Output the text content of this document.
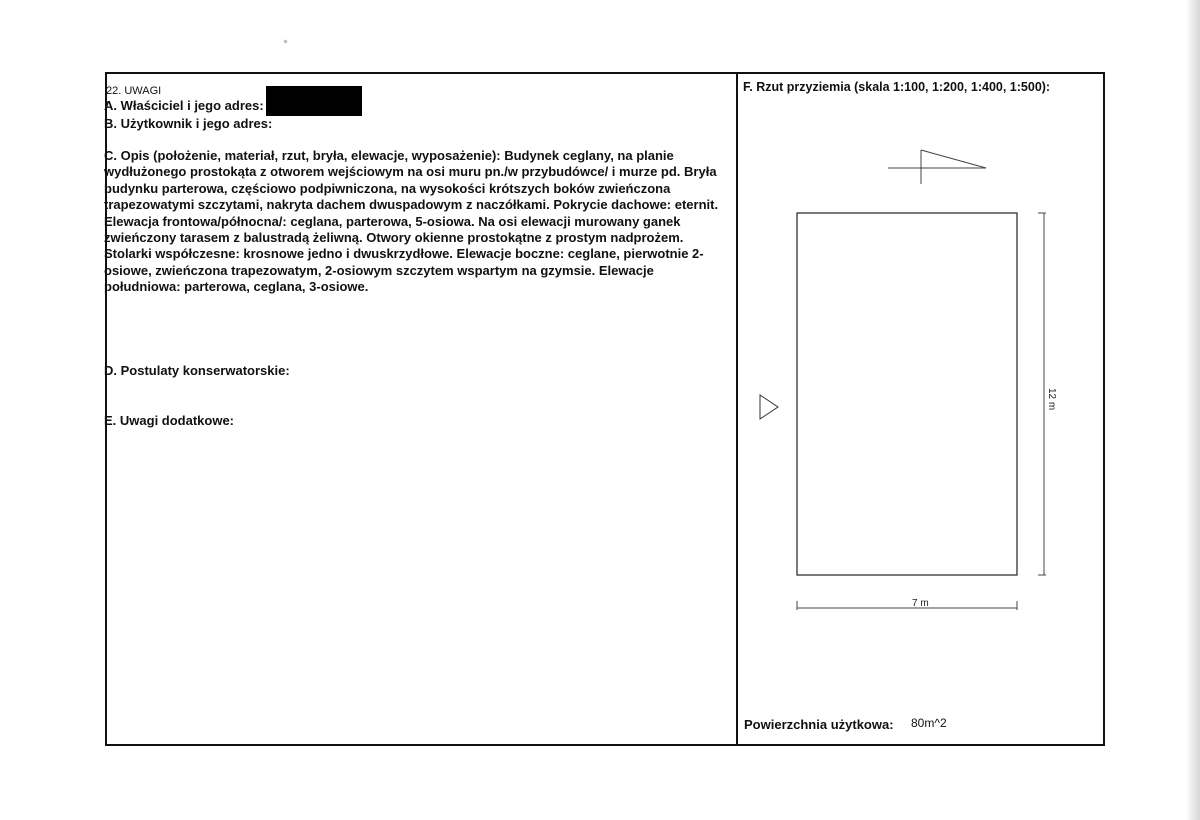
22. UWAGI
A. Właściciel i jego adres:
B. Użytkownik i jego adres:
C. Opis (położenie, materiał, rzut, bryła, elewacje, wyposażenie): Budynek ceglany, na planie wydłużonego prostokąta z otworem wejściowym na osi muru pn./w przybudówce/ i murze pd. Bryła budynku parterowa, częściowo podpiwniczona, na wysokości krótszych boków zwieńczona trapezowatymi szczytami, nakryta dachem dwuspadowym z naczółkami. Pokrycie dachowe: eternit. Elewacja frontowa/północna/: ceglana, parterowa, 5-osiowa. Na osi elewacji murowany ganek zwieńczony tarasem z balustradą żeliwną. Otwory okienne prostokątne z prostym nadprożem. Stolarki współczesne: krosnowe jedno i dwuskrzydłowe. Elewacje boczne: ceglane, pierwotnie 2-osiowe, zwieńczona trapezowatym, 2-osiowym szczytem wspartym na gzymsie. Elewacje południowa: parterowa, ceglana, 3-osiowe.
D. Postulaty konserwatorskie:
E. Uwagi dodatkowe:
F. Rzut przyziemia (skala 1:100, 1:200, 1:400, 1:500):
12 m
7 m
Powierzchnia użytkowa: 80m^2
